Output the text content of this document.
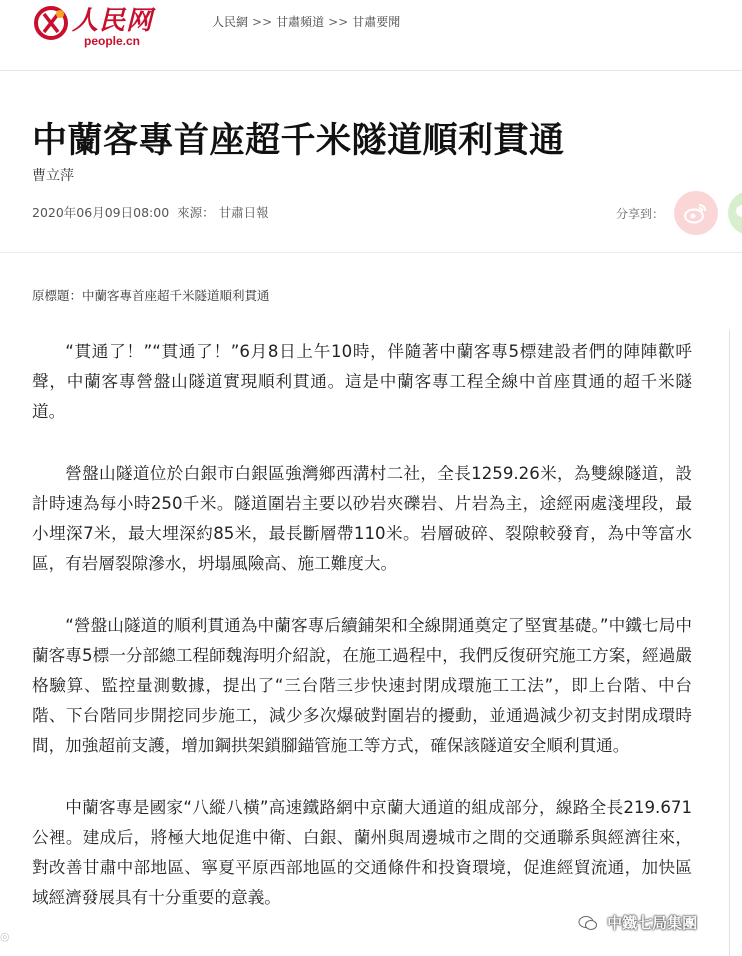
人民网
people.cn
人民網 >> 甘肅頻道 >> 甘肅要聞
中蘭客專首座超千米隧道順利貫通
曹立萍
2020年06月09日08:00 來源： 甘肅日報	分享到：
原標題：中蘭客專首座超千米隧道順利貫通

“貫通了！”“貫通了！”6月8日上午10時，伴隨著中蘭客專5標建設者們的陣陣歡呼聲，中蘭客專營盤山隧道實現順利貫通。這是中蘭客專工程全線中首座貫通的超千米隧道。

營盤山隧道位於白銀市白銀區強灣鄉西溝村二社，全長1259.26米，為雙線隧道，設計時速為每小時250千米。隧道圍岩主要以砂岩夾礫岩、片岩為主，途經兩處淺埋段，最小埋深7米，最大埋深約85米，最長斷層帶110米。岩層破碎、裂隙較發育，為中等富水區，有岩層裂隙滲水，坍塌風險高、施工難度大。

“營盤山隧道的順利貫通為中蘭客專后續鋪架和全線開通奠定了堅實基礎。”中鐵七局中蘭客專5標一分部總工程師魏海明介紹說，在施工過程中，我們反復研究施工方案，經過嚴格驗算、監控量測數據，提出了“三台階三步快速封閉成環施工工法”，即上台階、中台階、下台階同步開挖同步施工，減少多次爆破對圍岩的擾動，並通過減少初支封閉成環時間，加強超前支護，增加鋼拱架鎖腳錨管施工等方式，確保該隧道安全順利貫通。

中蘭客專是國家“八縱八橫”高速鐵路網中京蘭大通道的組成部分，線路全長219.671公裡。建成后，將極大地促進中衛、白銀、蘭州與周邊城市之間的交通聯系與經濟往來，對改善甘肅中部地區、寧夏平原西部地區的交通條件和投資環境，促進經貿流通，加快區域經濟發展具有十分重要的意義。

◎
中鐵七局集團
